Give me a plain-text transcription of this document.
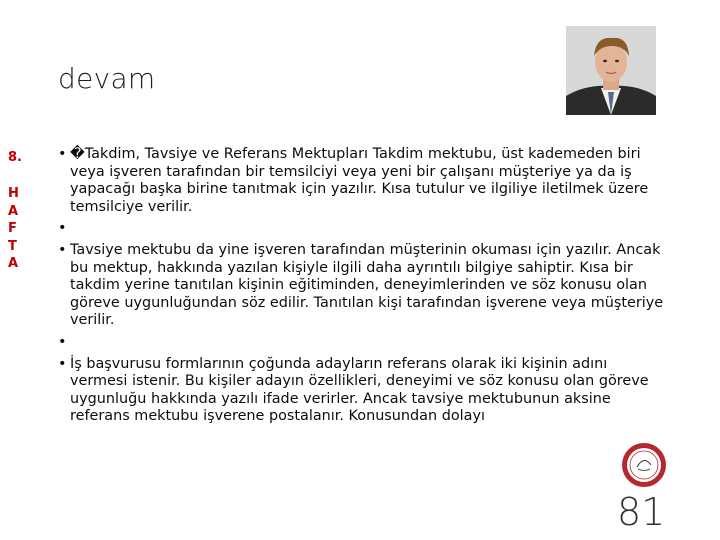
devam
8.
H
A
F
T
A

• �Takdim, Tavsiye ve Referans Mektupları Takdim mektubu, üst kademeden biri veya işveren tarafından bir temsilciyi veya yeni bir çalışanı müşteriye ya da iş yapacağı başka birine tanıtmak için yazılır. Kısa tutulur ve ilgiliye iletilmek üzere temsilciye verilir.

•

• Tavsiye mektubu da yine işveren tarafından müşterinin okuması için yazılır. Ancak bu mektup, hakkında yazılan kişiyle ilgili daha ayrıntılı bilgiye sahiptir. Kısa bir takdim yerine tanıtılan kişinin eğitiminden, deneyimlerinden ve söz konusu olan göreve uygunluğundan söz edilir. Tanıtılan kişi tarafından işverene veya müşteriye verilir.

•

• İş başvurusu formlarının çoğunda adayların referans olarak iki kişinin adını vermesi istenir. Bu kişiler adayın özellikleri, deneyimi ve söz konusu olan göreve uygunluğu hakkında yazılı ifade verirler. Ancak tavsiye mektubunun aksine referans mektubu işverene postalanır. Konusundan dolayı

81
